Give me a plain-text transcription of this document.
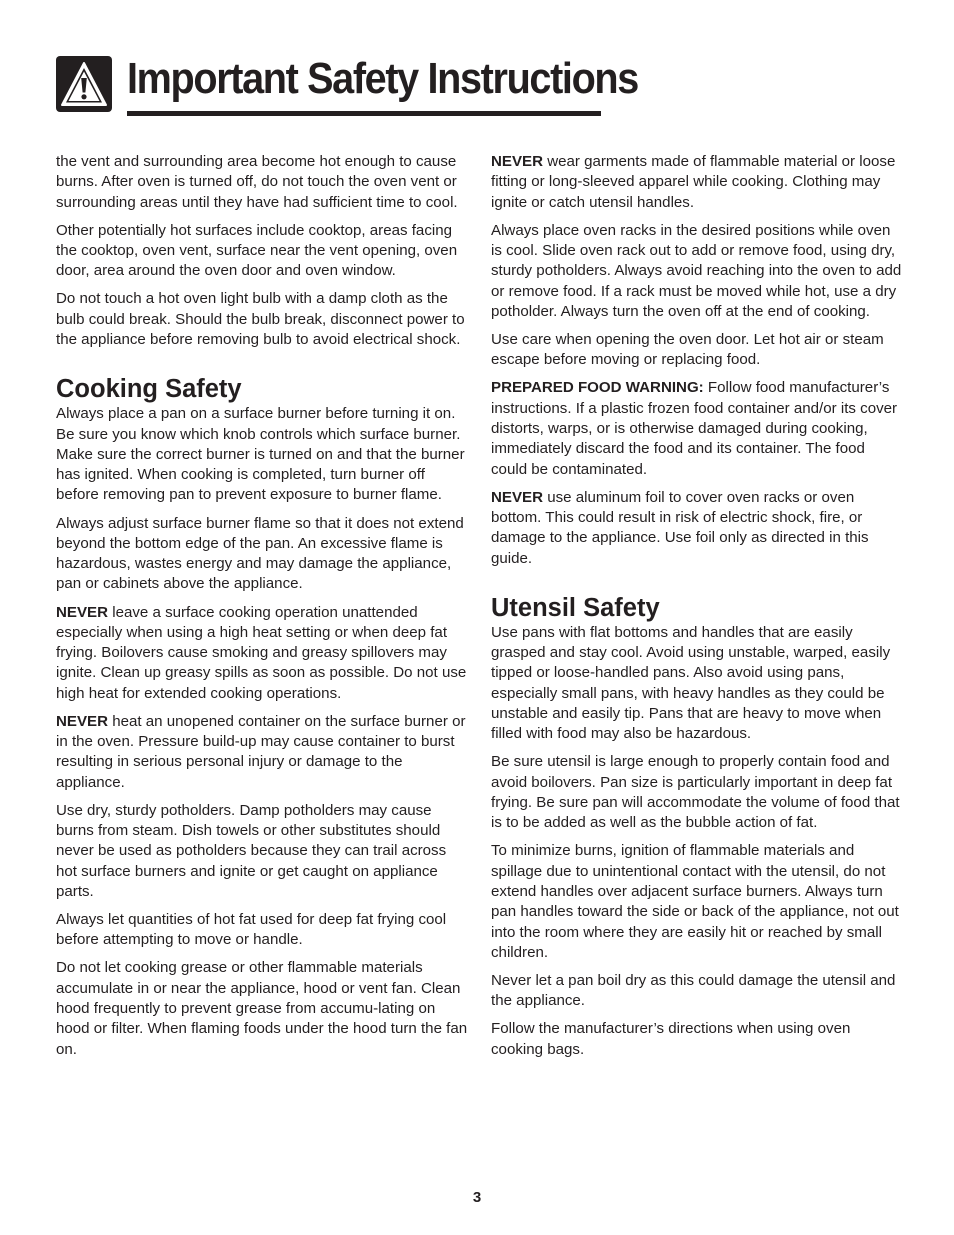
Important Safety Instructions

the vent and surrounding area become hot enough to cause burns. After oven is turned off, do not touch the oven vent or surrounding areas until they have had sufficient time to cool.

Other potentially hot surfaces include cooktop, areas facing the cooktop, oven vent, surface near the vent opening, oven door, area around the oven door and oven window.

Do not touch a hot oven light bulb with a damp cloth as the bulb could break. Should the bulb break, disconnect power to the appliance before removing bulb to avoid electrical shock.

Cooking Safety

Always place a pan on a surface burner before turning it on. Be sure you know which knob controls which surface burner. Make sure the correct burner is turned on and that the burner has ignited. When cooking is completed, turn burner off before removing pan to prevent exposure to burner flame.

Always adjust surface burner flame so that it does not extend beyond the bottom edge of the pan. An excessive flame is hazardous, wastes energy and may damage the appliance, pan or cabinets above the appliance.

NEVER leave a surface cooking operation unattended especially when using a high heat setting or when deep fat frying. Boilovers cause smoking and greasy spillovers may ignite. Clean up greasy spills as soon as possible. Do not use high heat for extended cooking operations.

NEVER heat an unopened container on the surface burner or in the oven. Pressure build-up may cause container to burst resulting in serious personal injury or damage to the appliance.

Use dry, sturdy potholders. Damp potholders may cause burns from steam. Dish towels or other substitutes should never be used as potholders because they can trail across hot surface burners and ignite or get caught on appliance parts.

Always let quantities of hot fat used for deep fat frying cool before attempting to move or handle.

Do not let cooking grease or other flammable materials accumulate in or near the appliance, hood or vent fan. Clean hood frequently to prevent grease from accumu-lating on hood or filter. When flaming foods under the hood turn the fan on.

NEVER wear garments made of flammable material or loose fitting or long-sleeved apparel while cooking. Clothing may ignite or catch utensil handles.

Always place oven racks in the desired positions while oven is cool. Slide oven rack out to add or remove food, using dry, sturdy potholders. Always avoid reaching into the oven to add or remove food. If a rack must be moved while hot, use a dry potholder. Always turn the oven off at the end of cooking.

Use care when opening the oven door. Let hot air or steam escape before moving or replacing food.

PREPARED FOOD WARNING: Follow food manufacturer’s instructions. If a plastic frozen food container and/or its cover distorts, warps, or is otherwise damaged during cooking, immediately discard the food and its container. The food could be contaminated.

NEVER use aluminum foil to cover oven racks or oven bottom. This could result in risk of electric shock, fire, or damage to the appliance. Use foil only as directed in this guide.

Utensil Safety

Use pans with flat bottoms and handles that are easily grasped and stay cool. Avoid using unstable, warped, easily tipped or loose-handled pans. Also avoid using pans, especially small pans, with heavy handles as they could be unstable and easily tip. Pans that are heavy to move when filled with food may also be hazardous.

Be sure utensil is large enough to properly contain food and avoid boilovers. Pan size is particularly important in deep fat frying. Be sure pan will accommodate the volume of food that is to be added as well as the bubble action of fat.

To minimize burns, ignition of flammable materials and spillage due to unintentional contact with the utensil, do not extend handles over adjacent surface burners. Always turn pan handles toward the side or back of the appliance, not out into the room where they are easily hit or reached by small children.

Never let a pan boil dry as this could damage the utensil and the appliance.

Follow the manufacturer’s directions when using oven cooking bags.

3
